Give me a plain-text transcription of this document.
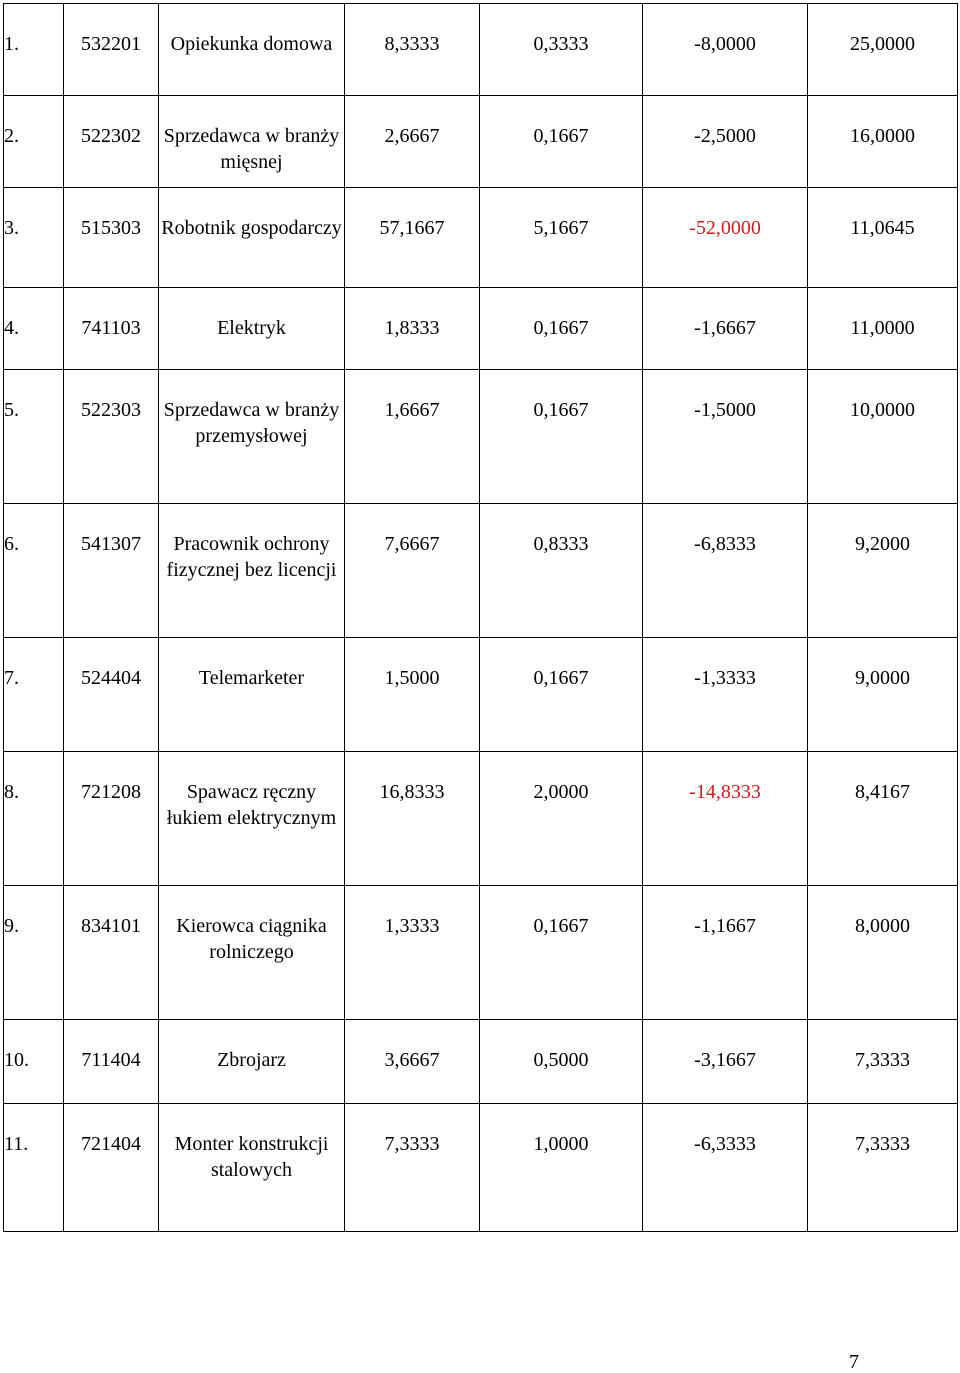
1.	532201	Opiekunka domowa	8,3333	0,3333	-8,0000	25,0000
2.	522302	Sprzedawca w branży mięsnej	2,6667	0,1667	-2,5000	16,0000
3.	515303	Robotnik gospodarczy	57,1667	5,1667	-52,0000	11,0645
4.	741103	Elektryk	1,8333	0,1667	-1,6667	11,0000
5.	522303	Sprzedawca w branży przemysłowej	1,6667	0,1667	-1,5000	10,0000
6.	541307	Pracownik ochrony fizycznej bez licencji	7,6667	0,8333	-6,8333	9,2000
7.	524404	Telemarketer	1,5000	0,1667	-1,3333	9,0000
8.	721208	Spawacz ręczny łukiem elektrycznym	16,8333	2,0000	-14,8333	8,4167
9.	834101	Kierowca ciągnika rolniczego	1,3333	0,1667	-1,1667	8,0000
10.	711404	Zbrojarz	3,6667	0,5000	-3,1667	7,3333
11.	721404	Monter konstrukcji stalowych	7,3333	1,0000	-6,3333	7,3333
7
